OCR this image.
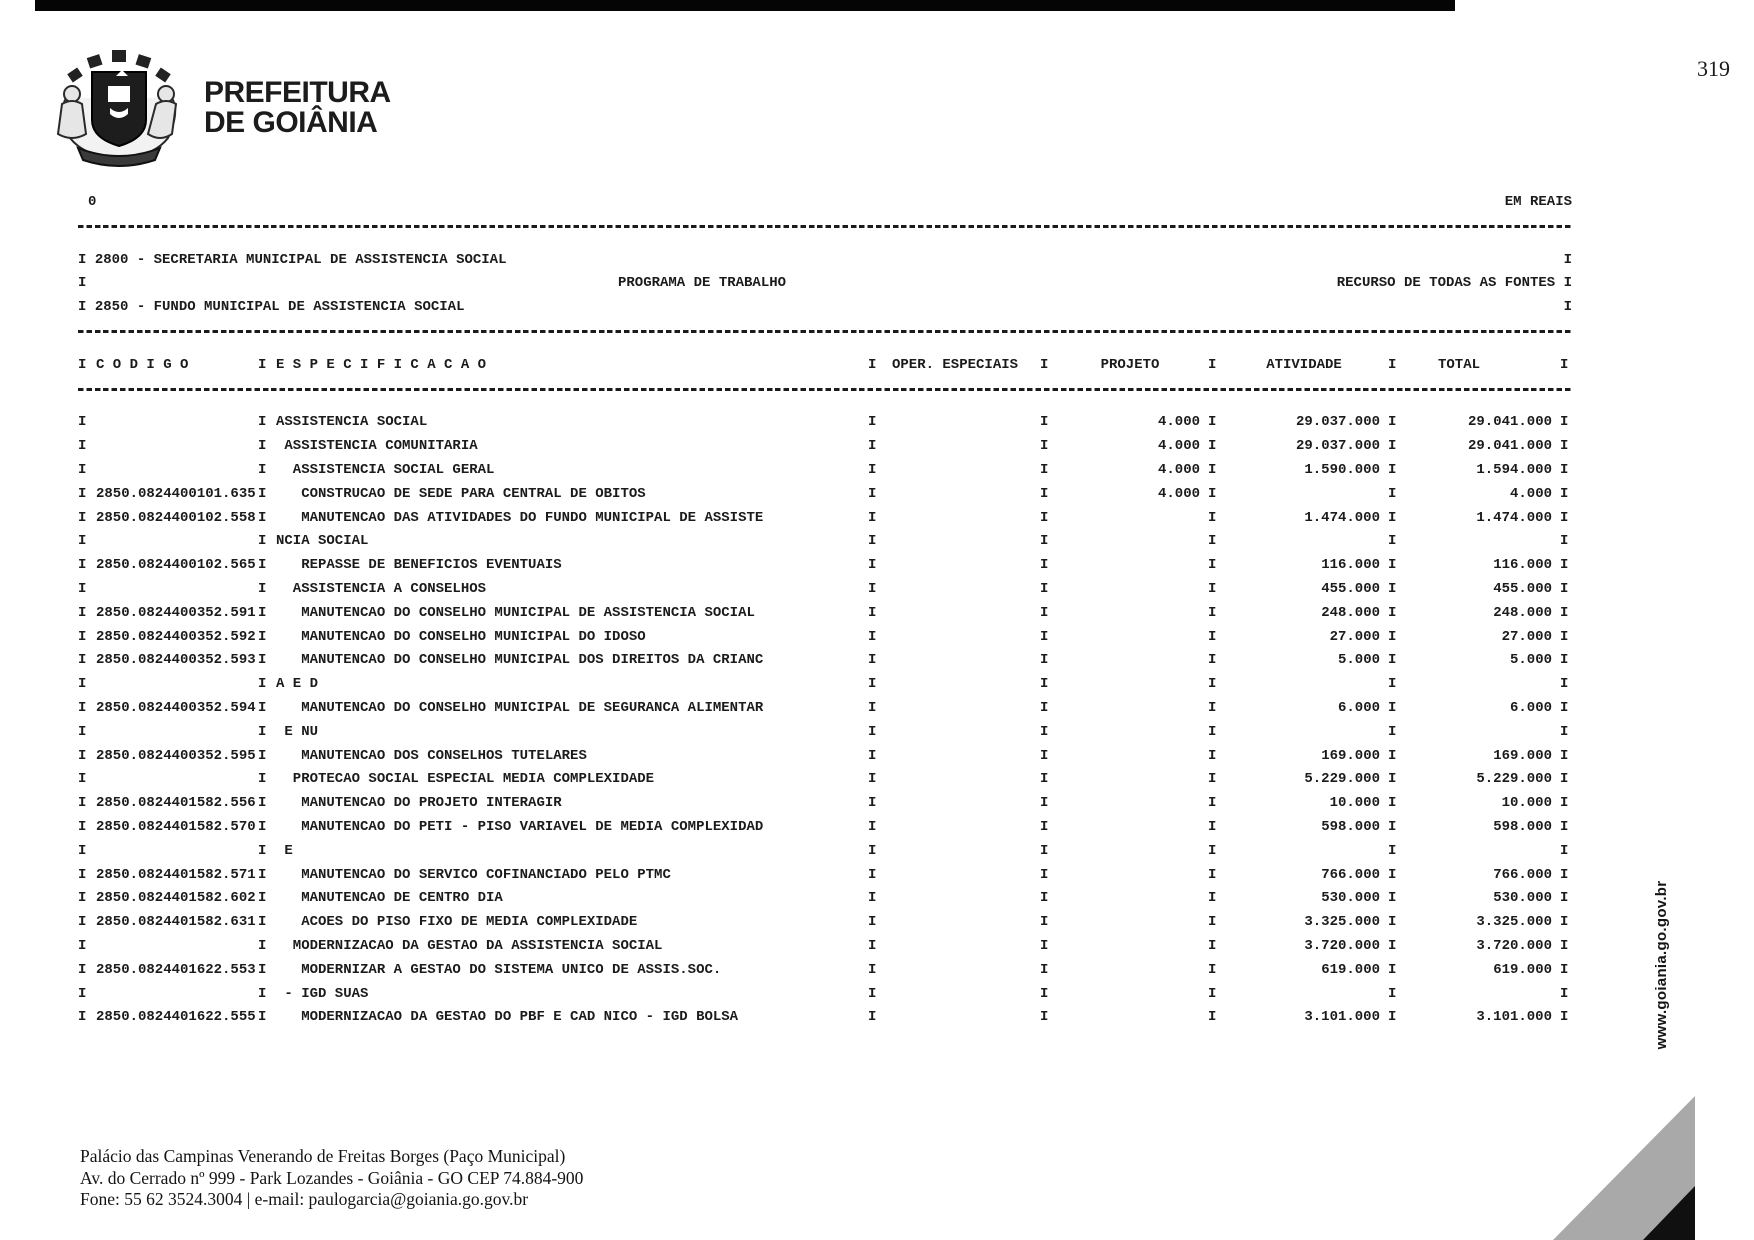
319
PREFEITURA
DE GOIÂNIA
0	EM REAIS
I 2800 - SECRETARIA MUNICIPAL DE ASSISTENCIA SOCIAL	I
I	PROGRAMA DE TRABALHO	RECURSO DE TODAS AS FONTES I
I 2850 - FUNDO MUNICIPAL DE ASSISTENCIA SOCIAL	I
I C O D I G O	I E S P E C I F I C A C A O	I	OPER. ESPECIAIS	I	PROJETO	I	ATIVIDADE	I	TOTAL	I
I	I ASSISTENCIA SOCIAL	I	I	4.000 I	29.037.000 I	29.041.000 I
I	I ASSISTENCIA COMUNITARIA	I	I	4.000 I	29.037.000 I	29.041.000 I
I	I ASSISTENCIA SOCIAL GERAL	I	I	4.000 I	1.590.000 I	1.594.000 I
I 2850.0824400101.635 I CONSTRUCAO DE SEDE PARA CENTRAL DE OBITOS	I	I	4.000 I	I	4.000 I
I 2850.0824400102.558 I MANUTENCAO DAS ATIVIDADES DO FUNDO MUNICIPAL DE ASSISTE	I	I	I	1.474.000 I	1.474.000 I
I	I NCIA SOCIAL	I	I	I	I	I
I 2850.0824400102.565 I REPASSE DE BENEFICIOS EVENTUAIS	I	I	I	116.000 I	116.000 I
I	I ASSISTENCIA A CONSELHOS	I	I	I	455.000 I	455.000 I
I 2850.0824400352.591 I MANUTENCAO DO CONSELHO MUNICIPAL DE ASSISTENCIA SOCIAL	I	I	I	248.000 I	248.000 I
I 2850.0824400352.592 I MANUTENCAO DO CONSELHO MUNICIPAL DO IDOSO	I	I	I	27.000 I	27.000 I
I 2850.0824400352.593 I MANUTENCAO DO CONSELHO MUNICIPAL DOS DIREITOS DA CRIANC	I	I	I	5.000 I	5.000 I
I	I A E D	I	I	I	I	I
I 2850.0824400352.594 I MANUTENCAO DO CONSELHO MUNICIPAL DE SEGURANCA ALIMENTAR	I	I	I	6.000 I	6.000 I
I	I E NU	I	I	I	I	I
I 2850.0824400352.595 I MANUTENCAO DOS CONSELHOS TUTELARES	I	I	I	169.000 I	169.000 I
I	I PROTECAO SOCIAL ESPECIAL MEDIA COMPLEXIDADE	I	I	I	5.229.000 I	5.229.000 I
I 2850.0824401582.556 I MANUTENCAO DO PROJETO INTERAGIR	I	I	I	10.000 I	10.000 I
I 2850.0824401582.570 I MANUTENCAO DO PETI - PISO VARIAVEL DE MEDIA COMPLEXIDAD	I	I	I	598.000 I	598.000 I
I	I E	I	I	I	I	I
I 2850.0824401582.571 I MANUTENCAO DO SERVICO COFINANCIADO PELO PTMC	I	I	I	766.000 I	766.000 I
I 2850.0824401582.602 I MANUTENCAO DE CENTRO DIA	I	I	I	530.000 I	530.000 I
I 2850.0824401582.631 I ACOES DO PISO FIXO DE MEDIA COMPLEXIDADE	I	I	I	3.325.000 I	3.325.000 I
I	I MODERNIZACAO DA GESTAO DA ASSISTENCIA SOCIAL	I	I	I	3.720.000 I	3.720.000 I
I 2850.0824401622.553 I MODERNIZAR A GESTAO DO SISTEMA UNICO DE ASSIS.SOC.	I	I	I	619.000 I	619.000 I
I	I - IGD SUAS	I	I	I	I	I
I 2850.0824401622.555 I MODERNIZACAO DA GESTAO DO PBF E CAD NICO - IGD BOLSA	I	I	I	3.101.000 I	3.101.000 I
Palácio das Campinas Venerando de Freitas Borges (Paço Municipal)
Av. do Cerrado nº 999 - Park Lozandes - Goiânia - GO CEP 74.884-900
Fone: 55 62 3524.3004 | e-mail: paulogarcia@goiania.go.gov.br
www.goiania.go.gov.br
